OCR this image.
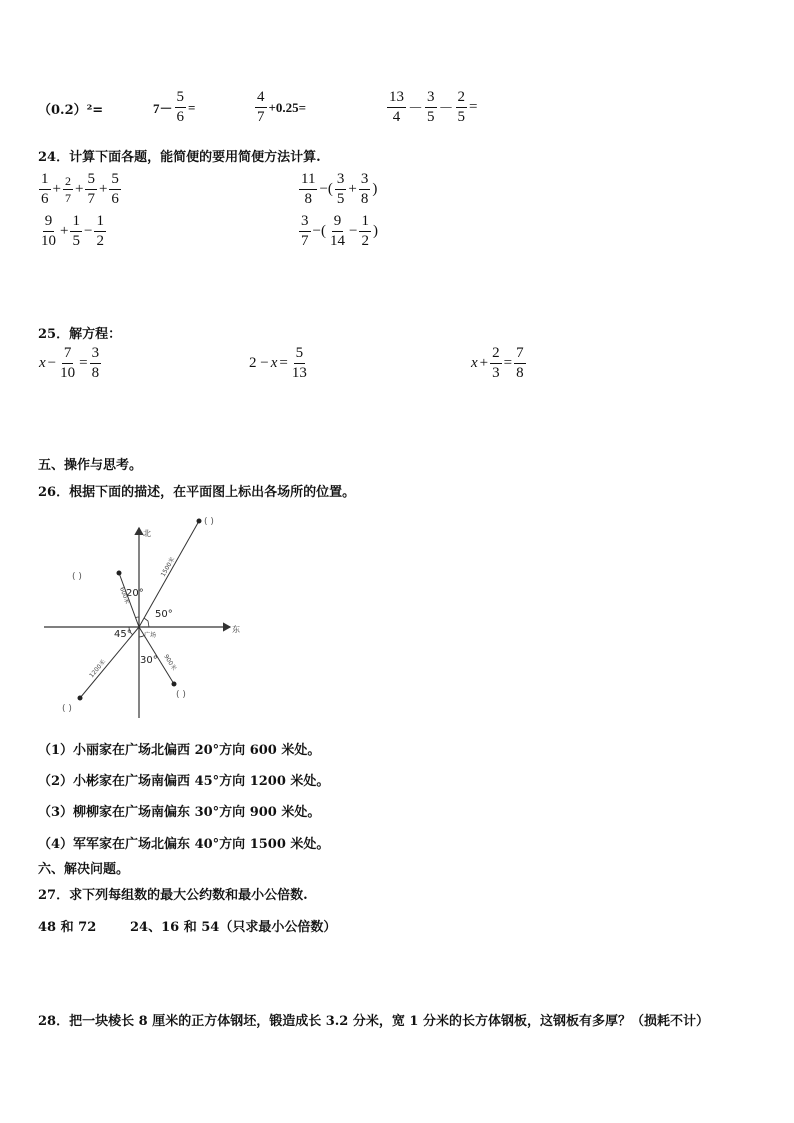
（0.2）²=	$7- \frac{5}{6}$ =	$\frac{4}{7} +0.25=$	$\frac{13}{4} - \frac{3}{5} - \frac{2}{5}$ =
24．计算下面各题，能简便的要用简便方法计算.
$\frac{1}{6} + \frac{2}{7} + \frac{5}{7} + \frac{5}{6}$	$\frac{11}{8}$ −( $\frac{3}{5} + \frac{3}{8}$ )
$\frac{9}{10} + \frac{1}{5} - \frac{1}{2}$	$\frac{3}{7}$ −( $\frac{9}{14} - \frac{1}{2}$ )
25．解方程：
$x - \frac{7}{10} = \frac{3}{8}$	$2 -x= \frac{5}{13}$	$x + \frac{2}{3} = \frac{7}{8}$
五、操作与思考。
26．根据下面的描述，在平面图上标出各场所的位置。
北
东
20°
50°
45°
30°
广场
600米
1500米
1200米	900米
( )
( )
( )
( )
（1）小丽家在广场北偏西 20°方向 600 米处。
（2）小彬家在广场南偏西 45°方向 1200 米处。
（3）柳柳家在广场南偏东 30°方向 900 米处。
（4）军军家在广场北偏东 40°方向 1500 米处。
六、解决问题。
27．求下列每组数的最大公约数和最小公倍数.
48 和 72	24、16 和 54（只求最小公倍数）
28．把一块棱长 8 厘米的正方体钢坯，锻造成长 3.2 分米，宽 1 分米的长方体钢板，这钢板有多厚？（损耗不计）
